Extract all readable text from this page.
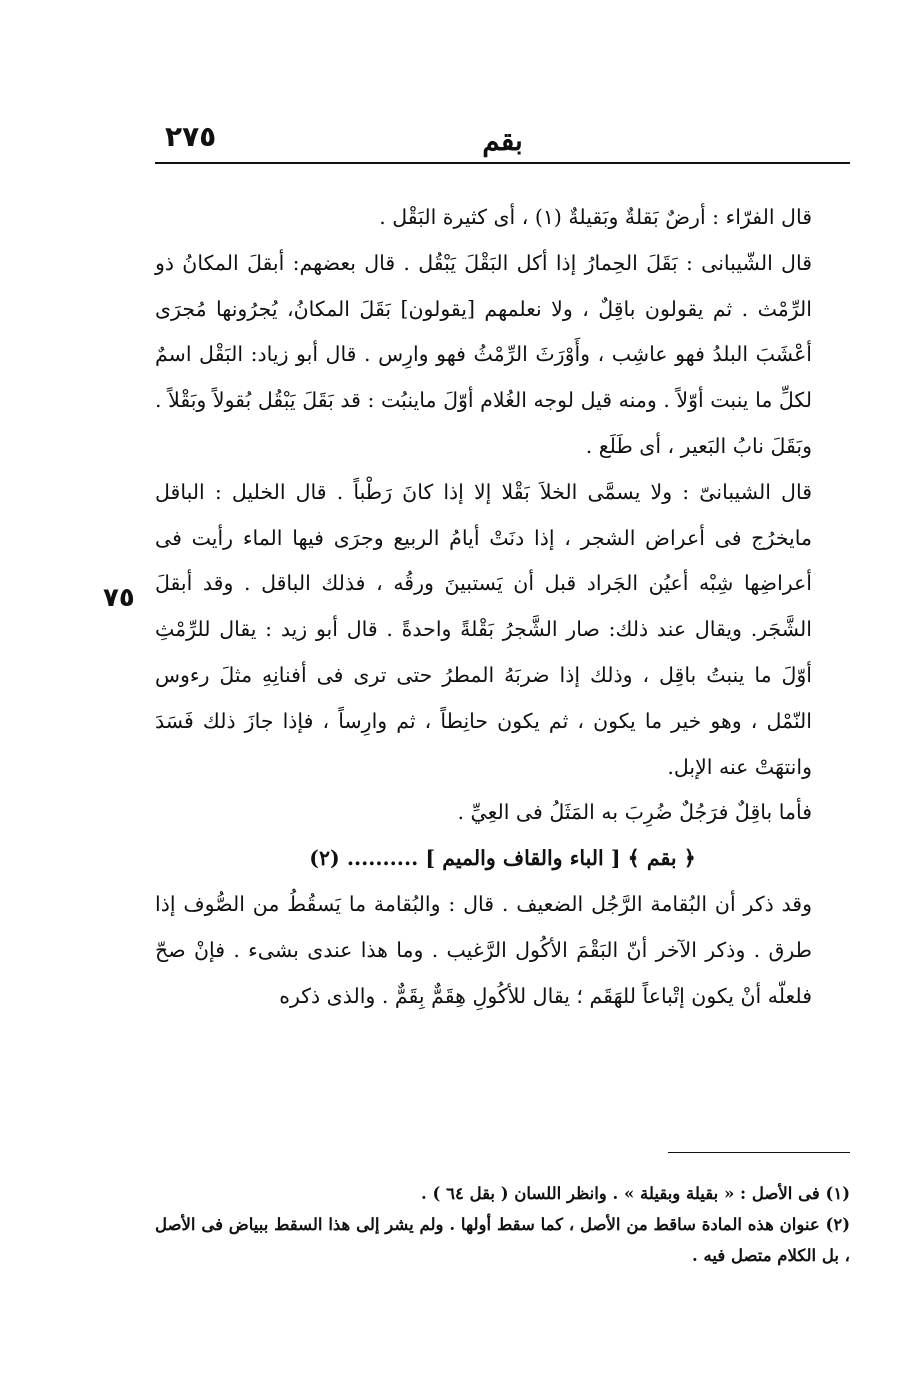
٢٧٥	بقم
٧٥

قال الفرّاء : أرضٌ بَقلةٌ وبَقيلةٌ (١) ، أى كثيرة البَقْل .

قال الشّيبانى : بَقَلَ الحِمارُ إذا أكل البَقْلَ يَبْقُل . قال بعضهم: أبقلَ المكانُ ذو الرِّمْث . ثم يقولون باقِلٌ ، ولا نعلمهم [يقولون] بَقَلَ المكانُ، يُجرُونها مُجرَى أعْشَبَ البلدُ فهو عاشِب ، وأَوْرَثَ الرِّمْثُ فهو وارِس . قال أبو زياد: البَقْل اسمٌ لكلِّ ما ينبت أوّلاً . ومنه قيل لوجه الغُلام أوّلَ ماينبُت : قد بَقَلَ يَبْقُل بُقولاً وبَقْلاً . وبَقَلَ نابُ البَعير ، أى طَلَع .

قال الشيبانىّ : ولا يسمَّى الخلاَ بَقْلا إلا إذا كانَ رَطْباً . قال الخليل : الباقل مايخرُج فى أعراض الشجر ، إذا دنَتْ أيامُ الربيع وجرَى فيها الماء رأيت فى أعراضِها شِبْه أعيُن الجَراد قبل أن يَستبينَ ورقُه ، فذلك الباقل . وقد أبقلَ الشَّجَر. ويقال عند ذلك: صار الشَّجرُ بَقْلةً واحدةً . قال أبو زيد : يقال للرِّمْثِ أوّلَ ما ينبتُ باقِل ، وذلك إذا ضربَهُ المطرُ حتى ترى فى أفنانِهِ مثلَ رءوس النّمْل ، وهو خير ما يكون ، ثم يكون حانِطاً ، ثم وارِساً ، فإذا جازَ ذلك فَسَدَ وانتهَتْ عنه الإبل.

فأما باقِلٌ فرَجُلٌ ضُرِبَ به المَثَلُ فى العِيِّ .

﴿ بقم ﴾ [ الباء والقاف والميم ] .......... (٢)

وقد ذكر أن البُقامة الرَّجُل الضعيف . قال : والبُقامة ما يَسقُطُ من الصُّوف إذا طرق . وذكر الآخر أنّ البَقْمَ الأكُول الرَّغيب . وما هذا عندى بشىء . فإنْ صحّ فلعلّه أنْ يكون إتْباعاً للهَقَم ؛ يقال للأكُولِ هِقَمٌّ بِقَمٌّ . والذى ذكره

(١) فى الأصل : « بقيلة وبقيلة » . وانظر اللسان ( بقل ٦٤ ) .

(٢) عنوان هذه المادة ساقط من الأصل ، كما سقط أولها . ولم يشر إلى هذا السقط ببياض فى الأصل ، بل الكلام متصل فيه .
